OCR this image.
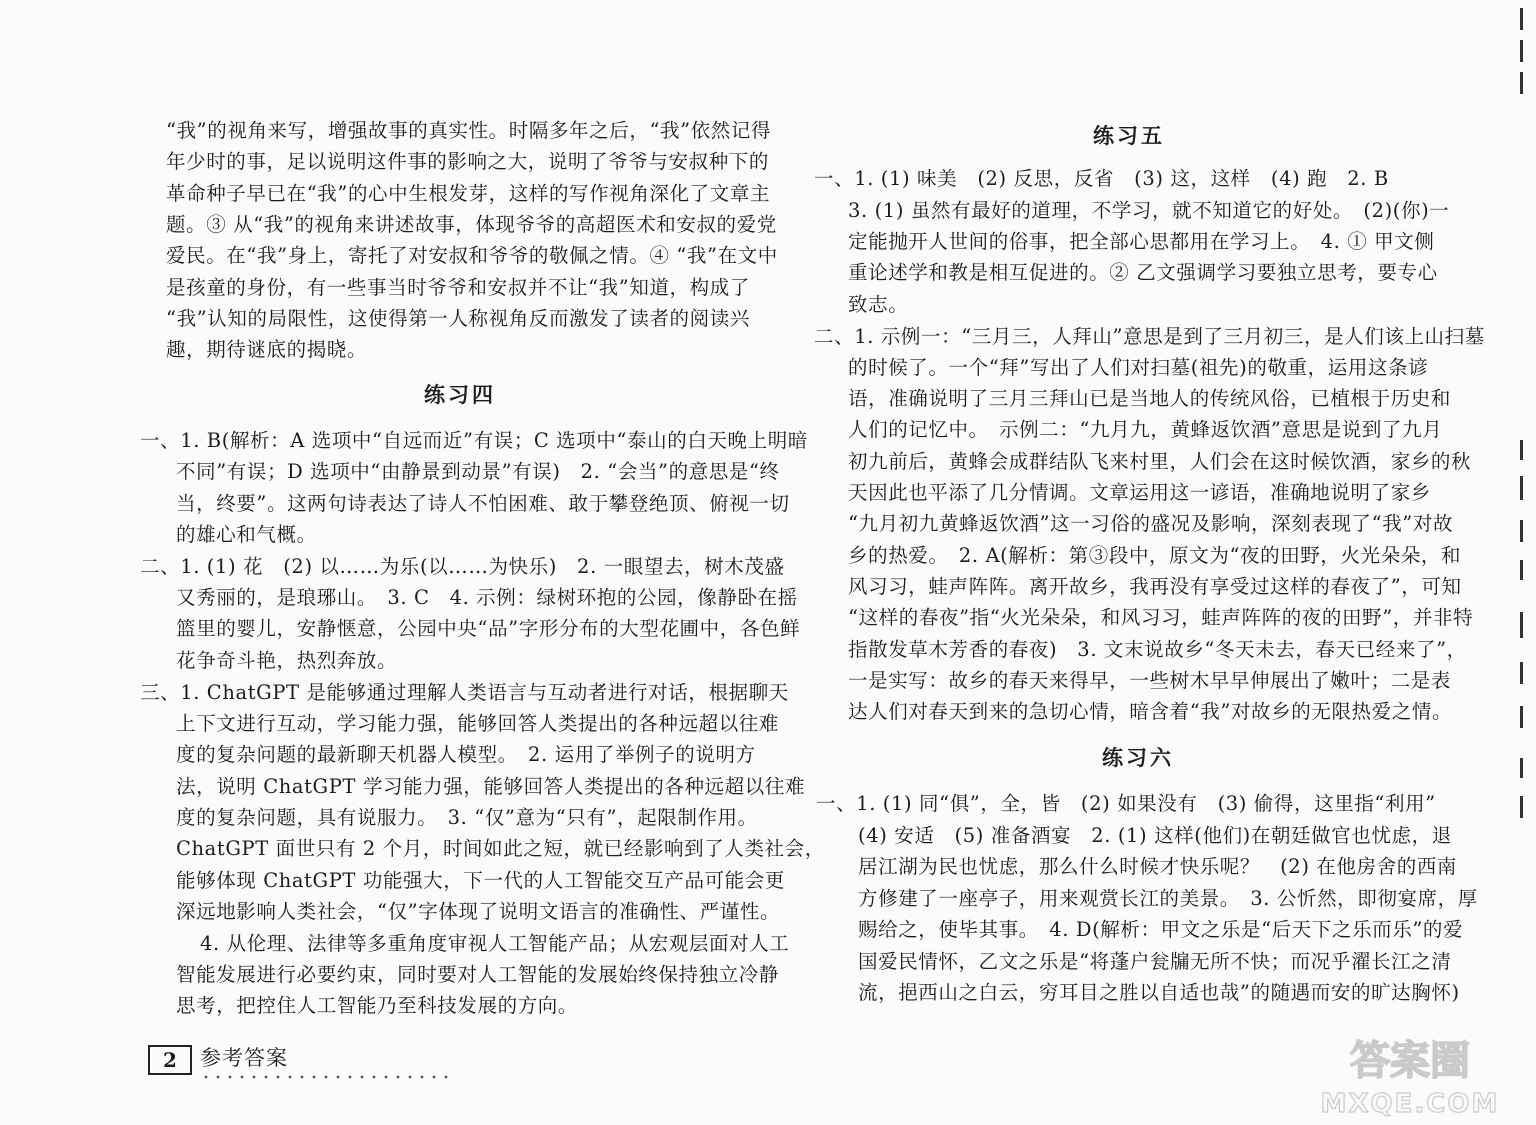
“我”的视角来写，增强故事的真实性。时隔多年之后，“我”依然记得
年少时的事，足以说明这件事的影响之大，说明了爷爷与安叔种下的
革命种子早已在“我”的心中生根发芽，这样的写作视角深化了文章主
题。③ 从“我”的视角来讲述故事，体现爷爷的高超医术和安叔的爱党
爱民。在“我”身上，寄托了对安叔和爷爷的敬佩之情。④ “我”在文中
是孩童的身份，有一些事当时爷爷和安叔并不让“我”知道，构成了
“我”认知的局限性，这使得第一人称视角反而激发了读者的阅读兴
趣，期待谜底的揭晓。
练习四
一、1. B(解析：A 选项中“自远而近”有误；C 选项中“泰山的白天晚上明暗
不同”有误；D 选项中“由静景到动景”有误)　2. “会当”的意思是“终
当，终要”。这两句诗表达了诗人不怕困难、敢于攀登绝顶、俯视一切
的雄心和气概。
二、1. (1) 花　(2) 以……为乐(以……为快乐)　2. 一眼望去，树木茂盛
又秀丽的，是琅琊山。　3. C　4. 示例：绿树环抱的公园，像静卧在摇
篮里的婴儿，安静惬意，公园中央“品”字形分布的大型花圃中，各色鲜
花争奇斗艳，热烈奔放。
三、1. ChatGPT 是能够通过理解人类语言与互动者进行对话，根据聊天
上下文进行互动，学习能力强，能够回答人类提出的各种远超以往难
度的复杂问题的最新聊天机器人模型。　2. 运用了举例子的说明方
法，说明 ChatGPT 学习能力强，能够回答人类提出的各种远超以往难
度的复杂问题，具有说服力。　3. “仅”意为“只有”，起限制作用。
ChatGPT 面世只有 2 个月，时间如此之短，就已经影响到了人类社会，
能够体现 ChatGPT 功能强大，下一代的人工智能交互产品可能会更
深远地影响人类社会，“仅”字体现了说明文语言的准确性、严谨性。
4. 从伦理、法律等多重角度审视人工智能产品；从宏观层面对人工
智能发展进行必要约束，同时要对人工智能的发展始终保持独立冷静
思考，把控住人工智能乃至科技发展的方向。
2	参考答案
练习五
一、1. (1) 味美　(2) 反思，反省　(3) 这，这样　(4) 跑　2. B
3. (1) 虽然有最好的道理，不学习，就不知道它的好处。　(2)(你)一
定能抛开人世间的俗事，把全部心思都用在学习上。　4. ① 甲文侧
重论述学和教是相互促进的。② 乙文强调学习要独立思考，要专心
致志。
二、1. 示例一：“三月三，人拜山”意思是到了三月初三，是人们该上山扫墓
的时候了。一个“拜”写出了人们对扫墓(祖先)的敬重，运用这条谚
语，准确说明了三月三拜山已是当地人的传统风俗，已植根于历史和
人们的记忆中。　示例二：“九月九，黄蜂返饮酒”意思是说到了九月
初九前后，黄蜂会成群结队飞来村里，人们会在这时候饮酒，家乡的秋
天因此也平添了几分情调。文章运用这一谚语，准确地说明了家乡
“九月初九黄蜂返饮酒”这一习俗的盛况及影响，深刻表现了“我”对故
乡的热爱。　2. A(解析：第③段中，原文为“夜的田野，火光朵朵，和
风习习，蛙声阵阵。离开故乡，我再没有享受过这样的春夜了”，可知
“这样的春夜”指“火光朵朵，和风习习，蛙声阵阵的夜的田野”，并非特
指散发草木芳香的春夜)　3. 文末说故乡“冬天未去，春天已经来了”，
一是实写：故乡的春天来得早，一些树木早早伸展出了嫩叶；二是表
达人们对春天到来的急切心情，暗含着“我”对故乡的无限热爱之情。
练习六
一、1. (1) 同“俱”，全，皆　(2) 如果没有　(3) 偷得，这里指“利用”
(4) 安适　(5) 准备酒宴　2. (1) 这样(他们)在朝廷做官也忧虑，退
居江湖为民也忧虑，那么什么时候才快乐呢？　(2) 在他房舍的西南
方修建了一座亭子，用来观赏长江的美景。　3. 公忻然，即彻宴席，厚
赐给之，使毕其事。　4. D(解析：甲文之乐是“后天下之乐而乐”的爱
国爱民情怀，乙文之乐是“将蓬户瓮牖无所不快；而况乎濯长江之清
流，挹西山之白云，穷耳目之胜以自适也哉”的随遇而安的旷达胸怀)
答案圈
MXQE.COM
